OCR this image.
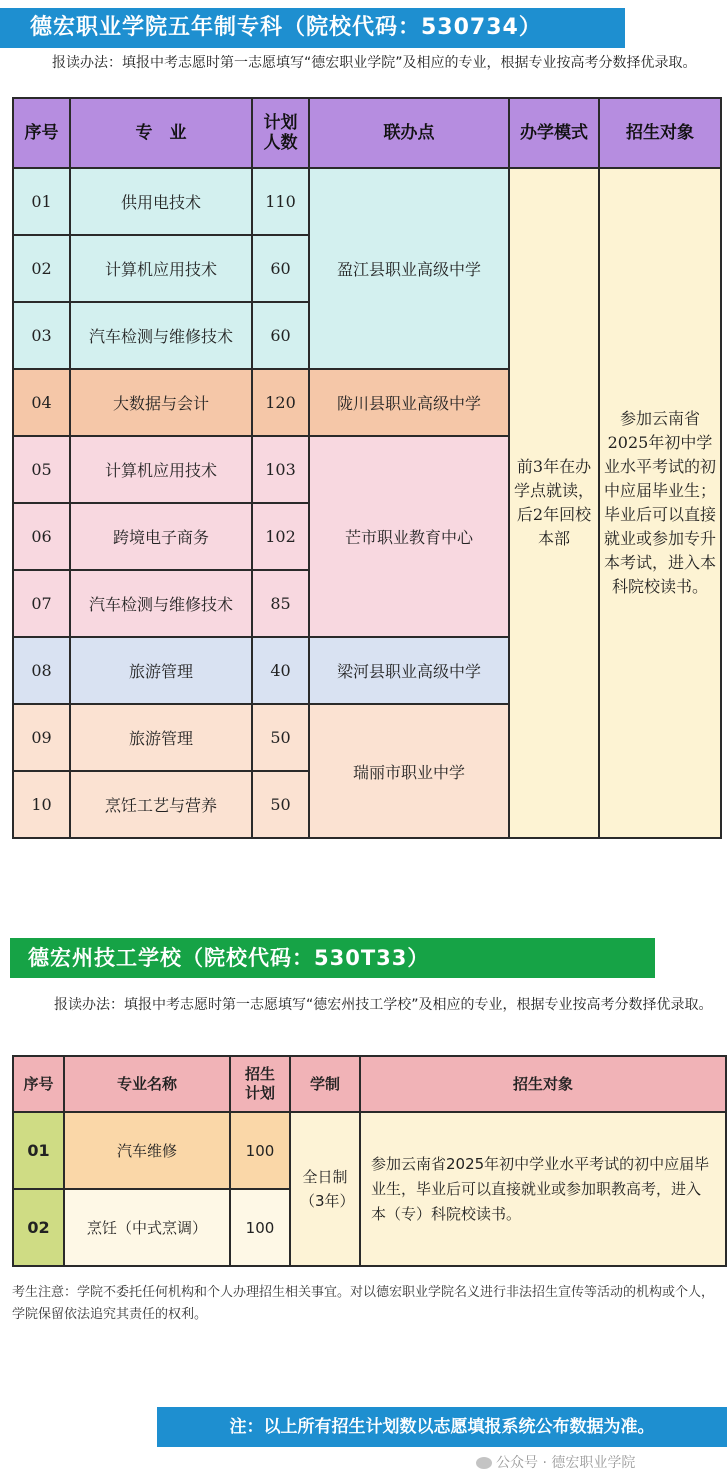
德宏职业学院五年制专科（院校代码：530734）
报读办法：填报中考志愿时第一志愿填写“德宏职业学院”及相应的专业，根据专业按高考分数择优录取。
序号	专　业	计划人数	联办点	办学模式	招生对象
01	供用电技术	110	盈江县职业高级中学	前3年在办学点就读，后2年回校本部	参加云南省2025年初中学业水平考试的初中应届毕业生；毕业后可以直接就业或参加专升本考试，进入本科院校读书。

02	计算机应用技术	60			
03	汽车检测与维修技术	60			
04	大数据与会计	120	陇川县职业高级中学		
05	计算机应用技术	103	芒市职业教育中心		
06	跨境电子商务	102			
07	汽车检测与维修技术	85			
08	旅游管理	40	梁河县职业高级中学		
09	旅游管理	50	瑞丽市职业中学		
10	烹饪工艺与营养	50			
德宏州技工学校（院校代码：530T33）
报读办法：填报中考志愿时第一志愿填写“德宏州技工学校”及相应的专业，根据专业按高考分数择优录取。
序号	专业名称	招生计划	学制	招生对象
01	汽车维修	100	全日制（3年）	参加云南省2025年初中学业水平考试的初中应届毕业生，毕业后可以直接就业或参加职教高考，进入本（专）科院校读书。
02	烹饪（中式烹调）	100		
考生注意：学院不委托任何机构和个人办理招生相关事宜。对以德宏职业学院名义进行非法招生宣传等活动的机构或个人，学院保留依法追究其责任的权利。
注：以上所有招生计划数以志愿填报系统公布数据为准。
公众号 · 德宏职业学院
